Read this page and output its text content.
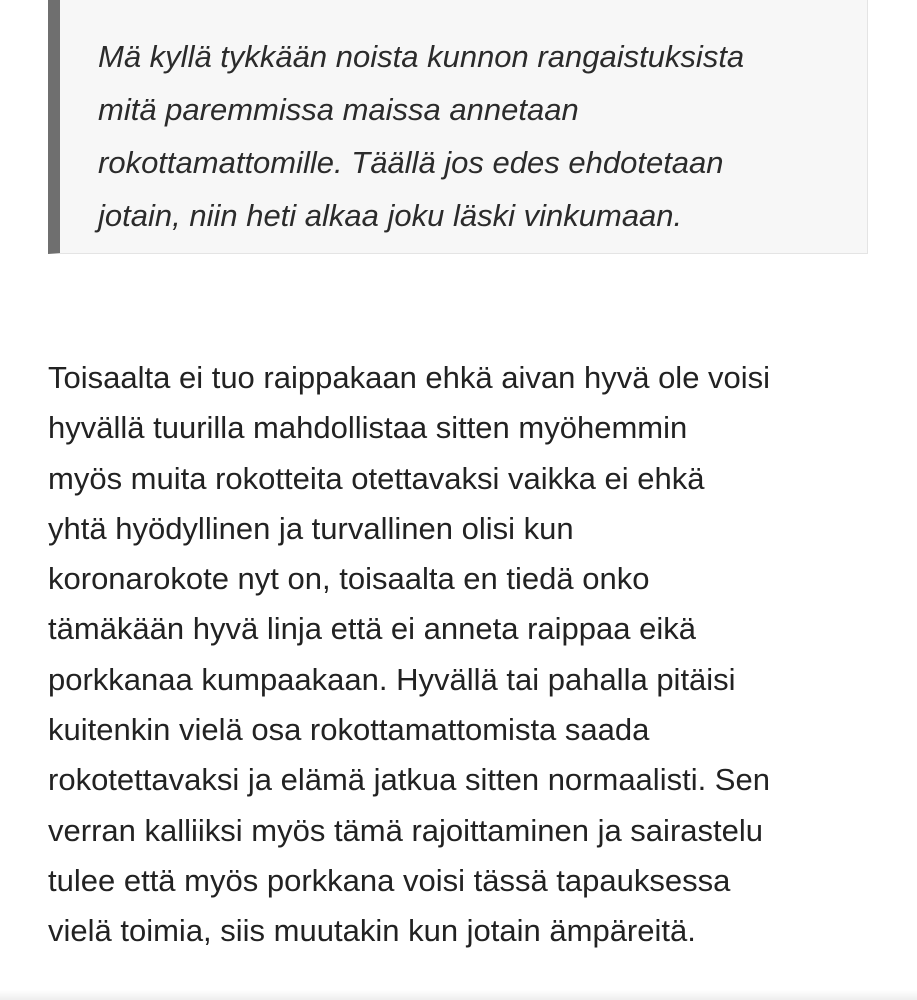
Mä kyllä tykkään noista kunnon rangaistuksista
mitä paremmissa maissa annetaan
rokottamattomille. Täällä jos edes ehdotetaan
jotain, niin heti alkaa joku läski vinkumaan.
Toisaalta ei tuo raippakaan ehkä aivan hyvä ole voisi
hyvällä tuurilla mahdollistaa sitten myöhemmin
myös muita rokotteita otettavaksi vaikka ei ehkä
yhtä hyödyllinen ja turvallinen olisi kun
koronarokote nyt on, toisaalta en tiedä onko
tämäkään hyvä linja että ei anneta raippaa eikä
porkkanaa kumpaakaan. Hyvällä tai pahalla pitäisi
kuitenkin vielä osa rokottamattomista saada
rokotettavaksi ja elämä jatkua sitten normaalisti. Sen
verran kalliiksi myös tämä rajoittaminen ja sairastelu
tulee että myös porkkana voisi tässä tapauksessa
vielä toimia, siis muutakin kun jotain ämpäreitä.
